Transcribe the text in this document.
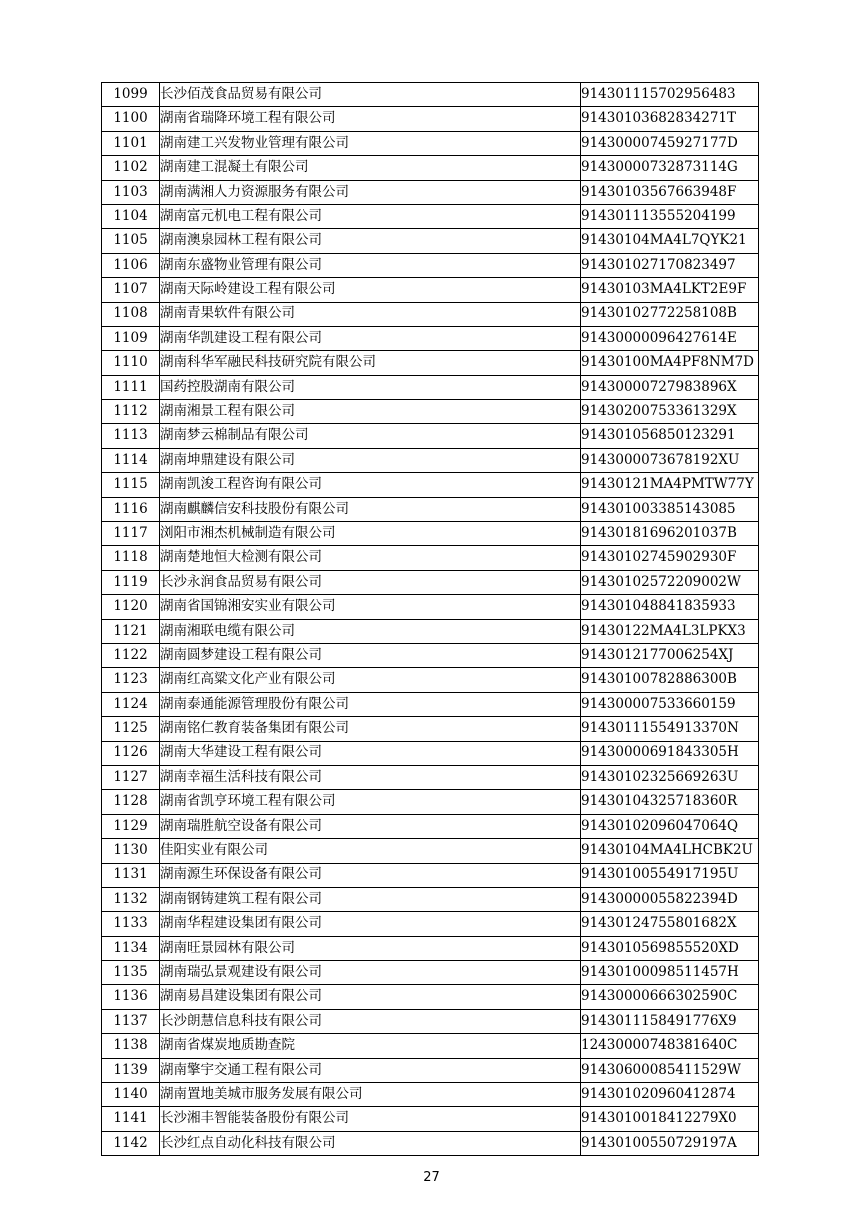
1099	长沙佰茂食品贸易有限公司	914301115702956483
1100	湖南省瑞降环境工程有限公司	91430103682834271T
1101	湖南建工兴发物业管理有限公司	91430000745927177D
1102	湖南建工混凝土有限公司	91430000732873114G
1103	湖南满湘人力资源服务有限公司	91430103567663948F
1104	湖南富元机电工程有限公司	914301113555204199
1105	湖南澳泉园林工程有限公司	91430104MA4L7QYK21
1106	湖南东盛物业管理有限公司	914301027170823497
1107	湖南天际岭建设工程有限公司	91430103MA4LKT2E9F
1108	湖南青果软件有限公司	91430102772258108B
1109	湖南华凯建设工程有限公司	91430000096427614E
1110	湖南科华军融民科技研究院有限公司	91430100MA4PF8NM7D
1111	国药控股湖南有限公司	91430000727983896X
1112	湖南湘景工程有限公司	91430200753361329X
1113	湖南梦云棉制品有限公司	914301056850123291
1114	湖南坤鼎建设有限公司	9143000073678192XU
1115	湖南凯浚工程咨询有限公司	91430121MA4PMTW77Y
1116	湖南麒麟信安科技股份有限公司	914301003385143085
1117	浏阳市湘杰机械制造有限公司	91430181696201037B
1118	湖南楚地恒大检测有限公司	91430102745902930F
1119	长沙永润食品贸易有限公司	91430102572209002W
1120	湖南省国锦湘安实业有限公司	914301048841835933
1121	湖南湘联电缆有限公司	91430122MA4L3LPKX3
1122	湖南圆梦建设工程有限公司	9143012177006254XJ
1123	湖南红高粱文化产业有限公司	91430100782886300B
1124	湖南泰通能源管理股份有限公司	914300007533660159
1125	湖南铭仁教育装备集团有限公司	91430111554913370N
1126	湖南大华建设工程有限公司	91430000691843305H
1127	湖南幸福生活科技有限公司	91430102325669263U
1128	湖南省凯亨环境工程有限公司	91430104325718360R
1129	湖南瑞胜航空设备有限公司	91430102096047064Q
1130	佳阳实业有限公司	91430104MA4LHCBK2U
1131	湖南源生环保设备有限公司	91430100554917195U
1132	湖南钢铸建筑工程有限公司	91430000055822394D
1133	湖南华程建设集团有限公司	91430124755801682X
1134	湖南旺景园林有限公司	9143010569855520XD
1135	湖南瑞弘景观建设有限公司	91430100098511457H
1136	湖南易昌建设集团有限公司	91430000666302590C
1137	长沙朗慧信息科技有限公司	9143011158491776X9
1138	湖南省煤炭地质勘查院	12430000748381640C
1139	湖南擎宇交通工程有限公司	91430600085411529W
1140	湖南置地美城市服务发展有限公司	914301020960412874
1141	长沙湘丰智能装备股份有限公司	9143010018412279X0
1142	长沙红点自动化科技有限公司	91430100550729197A
27
